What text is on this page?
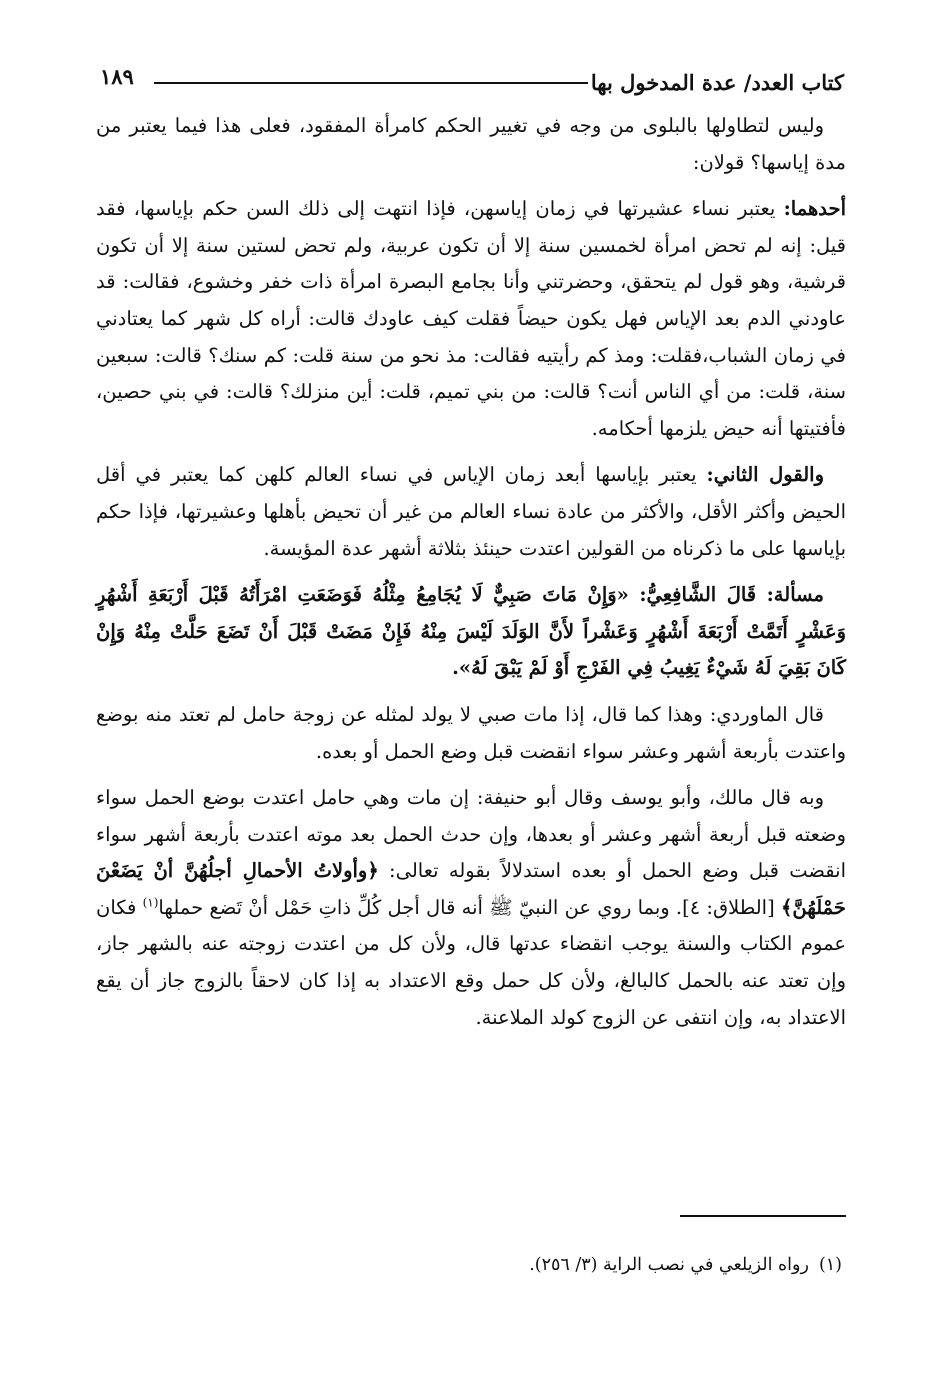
كتاب العدد/ عدة المدخول بها
١٨٩

وليس لتطاولها بالبلوى من وجه في تغيير الحكم كامرأة المفقود، فعلى هذا فيما يعتبر من مدة إياسها؟ قولان:

أحدهما: يعتبر نساء عشيرتها في زمان إياسهن، فإذا انتهت إلى ذلك السن حكم بإياسها، فقد قيل: إنه لم تحض امرأة لخمسين سنة إلا أن تكون عربية، ولم تحض لستين سنة إلا أن تكون قرشية، وهو قول لم يتحقق، وحضرتني وأنا بجامع البصرة امرأة ذات خفر وخشوع، فقالت: قد عاودني الدم بعد الإياس فهل يكون حيضاً فقلت كيف عاودك قالت: أراه كل شهر كما يعتادني في زمان الشباب،فقلت: ومذ كم رأيتيه فقالت: مذ نحو من سنة قلت: كم سنك؟ قالت: سبعين سنة، قلت: من أي الناس أنت؟ قالت: من بني تميم، قلت: أين منزلك؟ قالت: في بني حصين، فأفتيتها أنه حيض يلزمها أحكامه.

والقول الثاني: يعتبر بإياسها أبعد زمان الإياس في نساء العالم كلهن كما يعتبر في أقل الحيض وأكثر الأقل، والأكثر من عادة نساء العالم من غير أن تحيض بأهلها وعشيرتها، فإذا حكم بإياسها على ما ذكرناه من القولين اعتدت حينئذ بثلاثة أشهر عدة المؤيسة.

مسألة: قَالَ الشَّافِعِيُّ: «وَإِنْ مَاتَ صَبِيٌّ لَا يُجَامِعُ مِثْلُهُ فَوَضَعَتِ امْرَأَتُهُ قَبْلَ أَرْبَعَةِ أَشْهُرٍ وَعَشْرٍ أَتَمَّتْ أَرْبَعَةَ أَشْهُرٍ وَعَشْراً لأَنَّ الوَلَدَ لَيْسَ مِنْهُ فَإِنْ مَضَتْ قَبْلَ أَنْ تَضَعَ حَلَّتْ مِنْهُ وَإِنْ كَانَ بَقِيَ لَهُ شَيْءٌ يَغِيبُ فِي الفَرْجِ أَوْ لَمْ يَبْقَ لَهُ».

قال الماوردي: وهذا كما قال، إذا مات صبي لا يولد لمثله عن زوجة حامل لم تعتد منه بوضع واعتدت بأربعة أشهر وعشر سواء انقضت قبل وضع الحمل أو بعده.

وبه قال مالك، وأبو يوسف وقال أبو حنيفة: إن مات وهي حامل اعتدت بوضع الحمل سواء وضعته قبل أربعة أشهر وعشر أو بعدها، وإن حدث الحمل بعد موته اعتدت بأربعة أشهر سواء انقضت قبل وضع الحمل أو بعده استدلالاً بقوله تعالى: ﴿وأولاتُ الأحمالِ أجلُهُنَّ أنْ يَضَعْنَ حَمْلَهُنَّ﴾ [الطلاق: ٤]. وبما روي عن النبيّ ﷺ أنه قال أجل كُلِّ ذاتِ حَمْل أنْ تَضع حملها$^{(١)}$ فكان عموم الكتاب والسنة يوجب انقضاء عدتها قال، ولأن كل من اعتدت زوجته عنه بالشهر جاز، وإن تعتد عنه بالحمل كالبالغ، ولأن كل حمل وقع الاعتداد به إذا كان لاحقاً بالزوج جاز أن يقع الاعتداد به، وإن انتفى عن الزوج كولد الملاعنة.

(١)رواه الزيلعي في نصب الراية (٣/ ٢٥٦).
